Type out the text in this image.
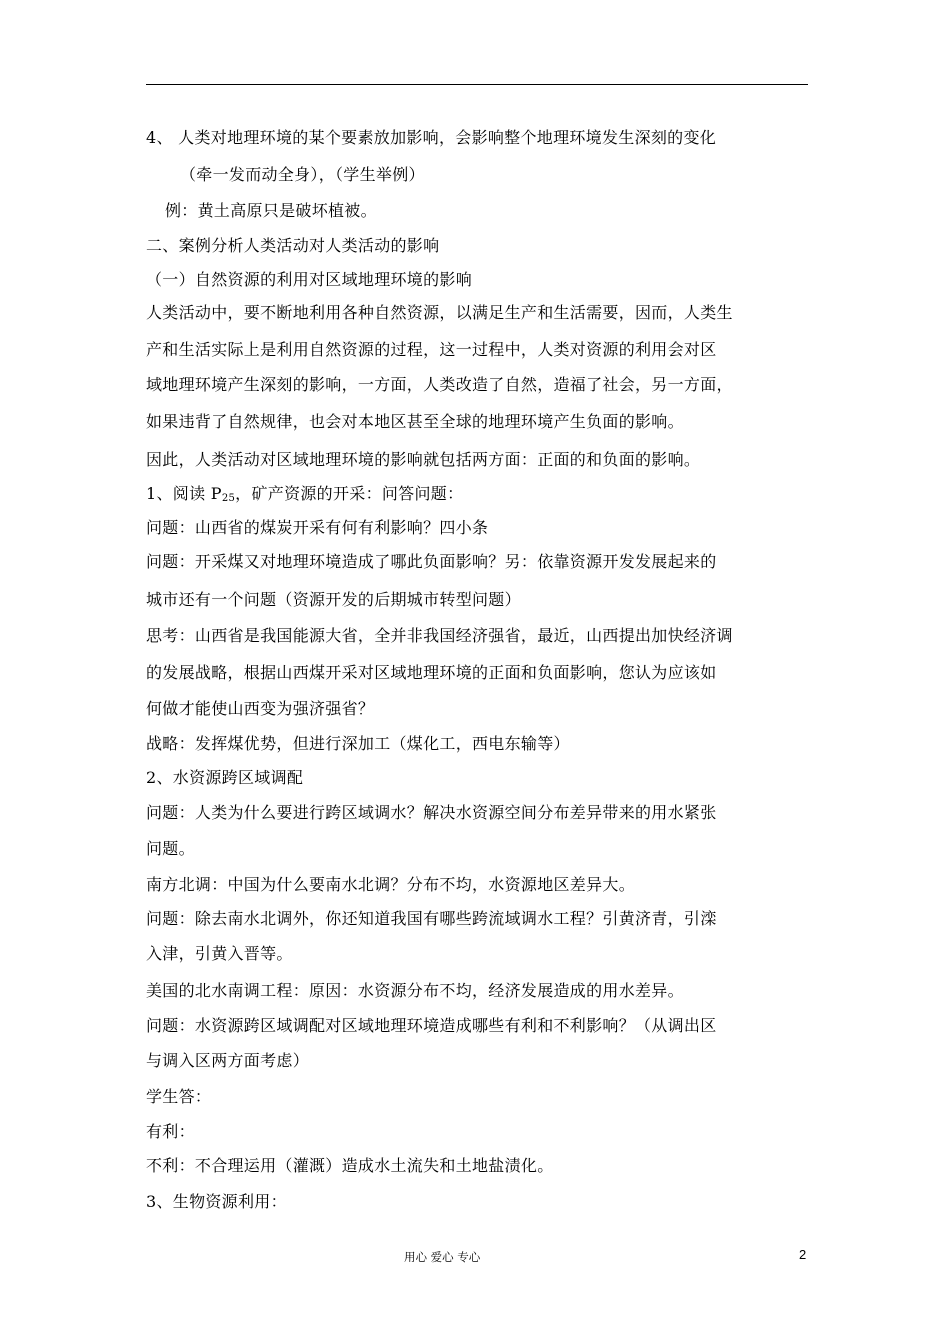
4、 人类对地理环境的某个要素放加影响，会影响整个地理环境发生深刻的变化
（牵一发而动全身），（学生举例）
例：黄土高原只是破坏植被。
二、案例分析人类活动对人类活动的影响
（一）自然资源的利用对区域地理环境的影响
人类活动中，要不断地利用各种自然资源，以满足生产和生活需要，因而，人类生
产和生活实际上是利用自然资源的过程，这一过程中，人类对资源的利用会对区
域地理环境产生深刻的影响，一方面，人类改造了自然，造福了社会，另一方面，
如果违背了自然规律，也会对本地区甚至全球的地理环境产生负面的影响。
因此，人类活动对区域地理环境的影响就包括两方面：正面的和负面的影响。
1、阅读 $P_{25}$，矿产资源的开采：问答问题：
问题：山西省的煤炭开采有何有利影响？四小条
问题：开采煤又对地理环境造成了哪此负面影响？另：依靠资源开发发展起来的
城市还有一个问题（资源开发的后期城市转型问题）
思考：山西省是我国能源大省，全并非我国经济强省，最近，山西提出加快经济调
的发展战略，根据山西煤开采对区域地理环境的正面和负面影响，您认为应该如
何做才能使山西变为强济强省？
战略：发挥煤优势，但进行深加工（煤化工，西电东输等）
2、水资源跨区域调配
问题：人类为什么要进行跨区域调水？解决水资源空间分布差异带来的用水紧张
问题。
南方北调：中国为什么要南水北调？分布不均，水资源地区差异大。
问题：除去南水北调外，你还知道我国有哪些跨流域调水工程？引黄济青，引滦
入津，引黄入晋等。
美国的北水南调工程：原因：水资源分布不均，经济发展造成的用水差异。
问题：水资源跨区域调配对区域地理环境造成哪些有利和不利影响？（从调出区
与调入区两方面考虑）
学生答：
有利：
不利：不合理运用（灌溉）造成水土流失和土地盐渍化。
3、生物资源利用：
用心 爱心 专心	2
